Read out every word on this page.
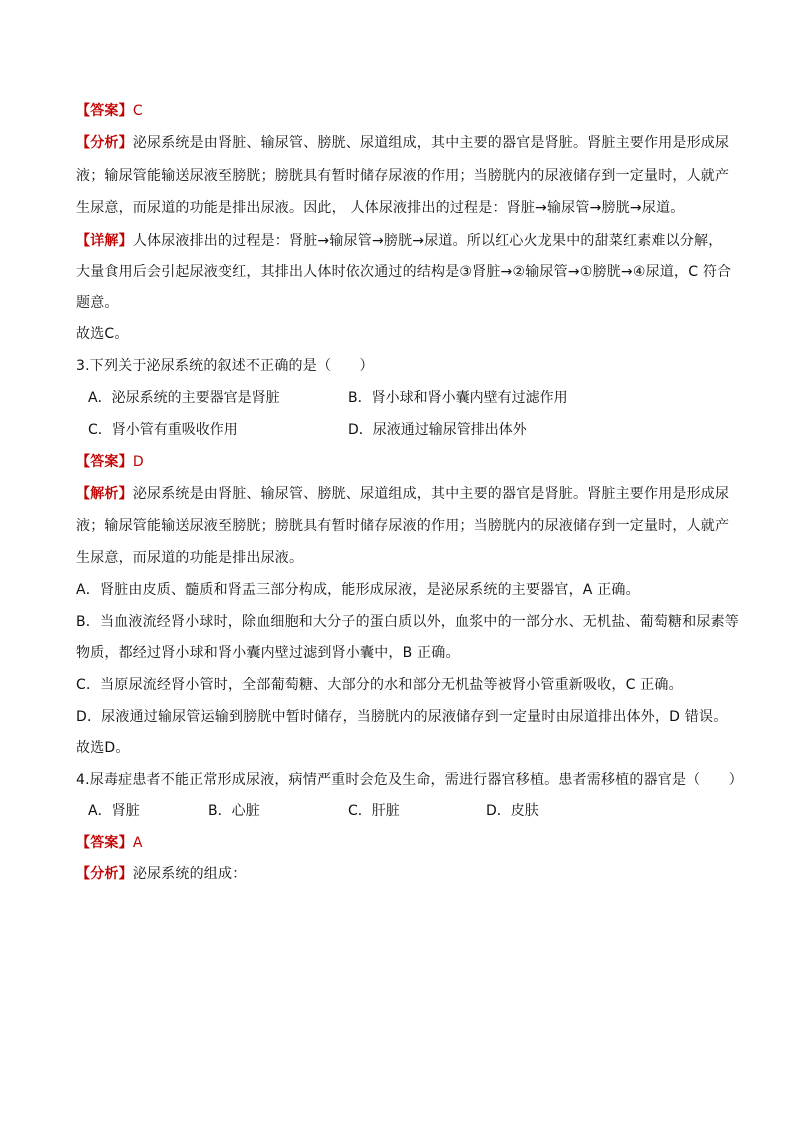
【答案】C
【分析】泌尿系统是由肾脏、输尿管、膀胱、尿道组成，其中主要的器官是肾脏。肾脏主要作用是形成尿
液；输尿管能输送尿液至膀胱；膀胱具有暂时储存尿液的作用；当膀胱内的尿液储存到一定量时，人就产
生尿意，而尿道的功能是排出尿液。因此， 人体尿液排出的过程是：肾脏→输尿管→膀胱→尿道。
【详解】人体尿液排出的过程是：肾脏→输尿管→膀胱→尿道。所以红心火龙果中的甜菜红素难以分解，
大量食用后会引起尿液变红，其排出人体时依次通过的结构是③肾脏→②输尿管→①膀胱→④尿道，C 符合
题意。
故选C。
3.下列关于泌尿系统的叙述不正确的是（　　）
A．泌尿系统的主要器官是肾脏	B．肾小球和肾小囊内壁有过滤作用
C．肾小管有重吸收作用	D．尿液通过输尿管排出体外
【答案】D
【解析】泌尿系统是由肾脏、输尿管、膀胱、尿道组成，其中主要的器官是肾脏。肾脏主要作用是形成尿
液；输尿管能输送尿液至膀胱；膀胱具有暂时储存尿液的作用；当膀胱内的尿液储存到一定量时，人就产
生尿意，而尿道的功能是排出尿液。
A．肾脏由皮质、髓质和肾盂三部分构成，能形成尿液，是泌尿系统的主要器官，A 正确。
B．当血液流经肾小球时，除血细胞和大分子的蛋白质以外，血浆中的一部分水、无机盐、葡萄糖和尿素等
物质，都经过肾小球和肾小囊内壁过滤到肾小囊中，B 正确。
C．当原尿流经肾小管时，全部葡萄糖、大部分的水和部分无机盐等被肾小管重新吸收，C 正确。
D．尿液通过输尿管运输到膀胱中暂时储存，当膀胱内的尿液储存到一定量时由尿道排出体外，D 错误。
故选D。
4.尿毒症患者不能正常形成尿液，病情严重时会危及生命，需进行器官移植。患者需移植的器官是（　　）
A．肾脏	B．心脏	C．肝脏	D．皮肤
【答案】A
【分析】泌尿系统的组成：
